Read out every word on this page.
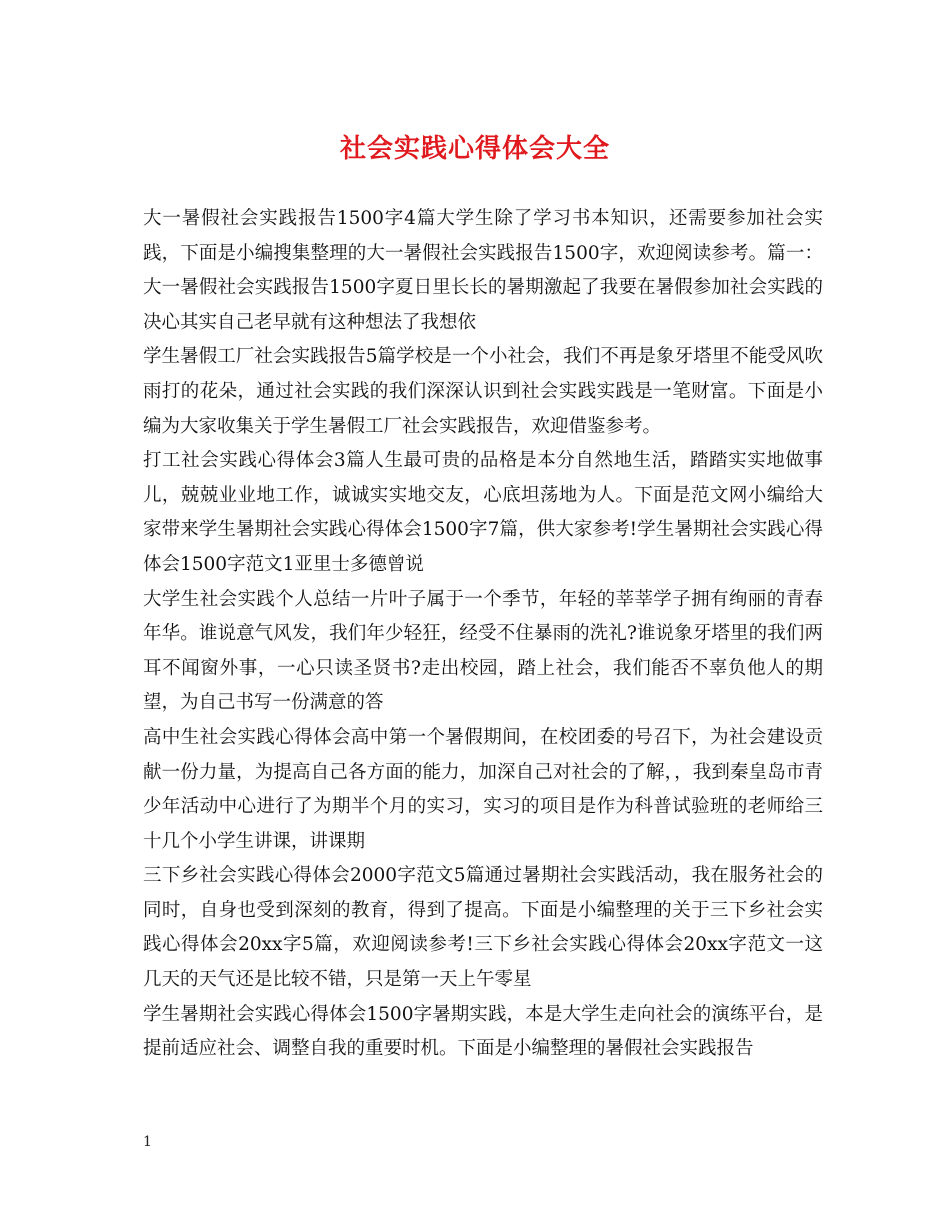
社会实践心得体会大全

大一暑假社会实践报告1500字4篇大学生除了学习书本知识，还需要参加社会实践，下面是小编搜集整理的大一暑假社会实践报告1500字，欢迎阅读参考。篇一：大一暑假社会实践报告1500字夏日里长长的暑期激起了我要在暑假参加社会实践的决心其实自己老早就有这种想法了我想依

学生暑假工厂社会实践报告5篇学校是一个小社会，我们不再是象牙塔里不能受风吹雨打的花朵，通过社会实践的我们深深认识到社会实践实践是一笔财富。下面是小编为大家收集关于学生暑假工厂社会实践报告，欢迎借鉴参考。

打工社会实践心得体会3篇人生最可贵的品格是本分自然地生活，踏踏实实地做事儿，兢兢业业地工作，诚诚实实地交友，心底坦荡地为人。下面是范文网小编给大家带来学生暑期社会实践心得体会1500字7篇，供大家参考!学生暑期社会实践心得体会1500字范文1亚里士多德曾说

大学生社会实践个人总结一片叶子属于一个季节，年轻的莘莘学子拥有绚丽的青春年华。谁说意气风发，我们年少轻狂，经受不住暴雨的洗礼?谁说象牙塔里的我们两耳不闻窗外事，一心只读圣贤书?走出校园，踏上社会，我们能否不辜负他人的期望，为自己书写一份满意的答

高中生社会实践心得体会高中第一个暑假期间，在校团委的号召下，为社会建设贡献一份力量，为提高自己各方面的能力，加深自己对社会的了解，，我到秦皇岛市青少年活动中心进行了为期半个月的实习，实习的项目是作为科普试验班的老师给三十几个小学生讲课，讲课期

三下乡社会实践心得体会2000字范文5篇通过暑期社会实践活动，我在服务社会的同时，自身也受到深刻的教育，得到了提高。下面是小编整理的关于三下乡社会实践心得体会20xx字5篇，欢迎阅读参考!三下乡社会实践心得体会20xx字范文一这几天的天气还是比较不错，只是第一天上午零星

学生暑期社会实践心得体会1500字暑期实践，本是大学生走向社会的演练平台，是提前适应社会、调整自我的重要时机。下面是小编整理的暑假社会实践报告

1
